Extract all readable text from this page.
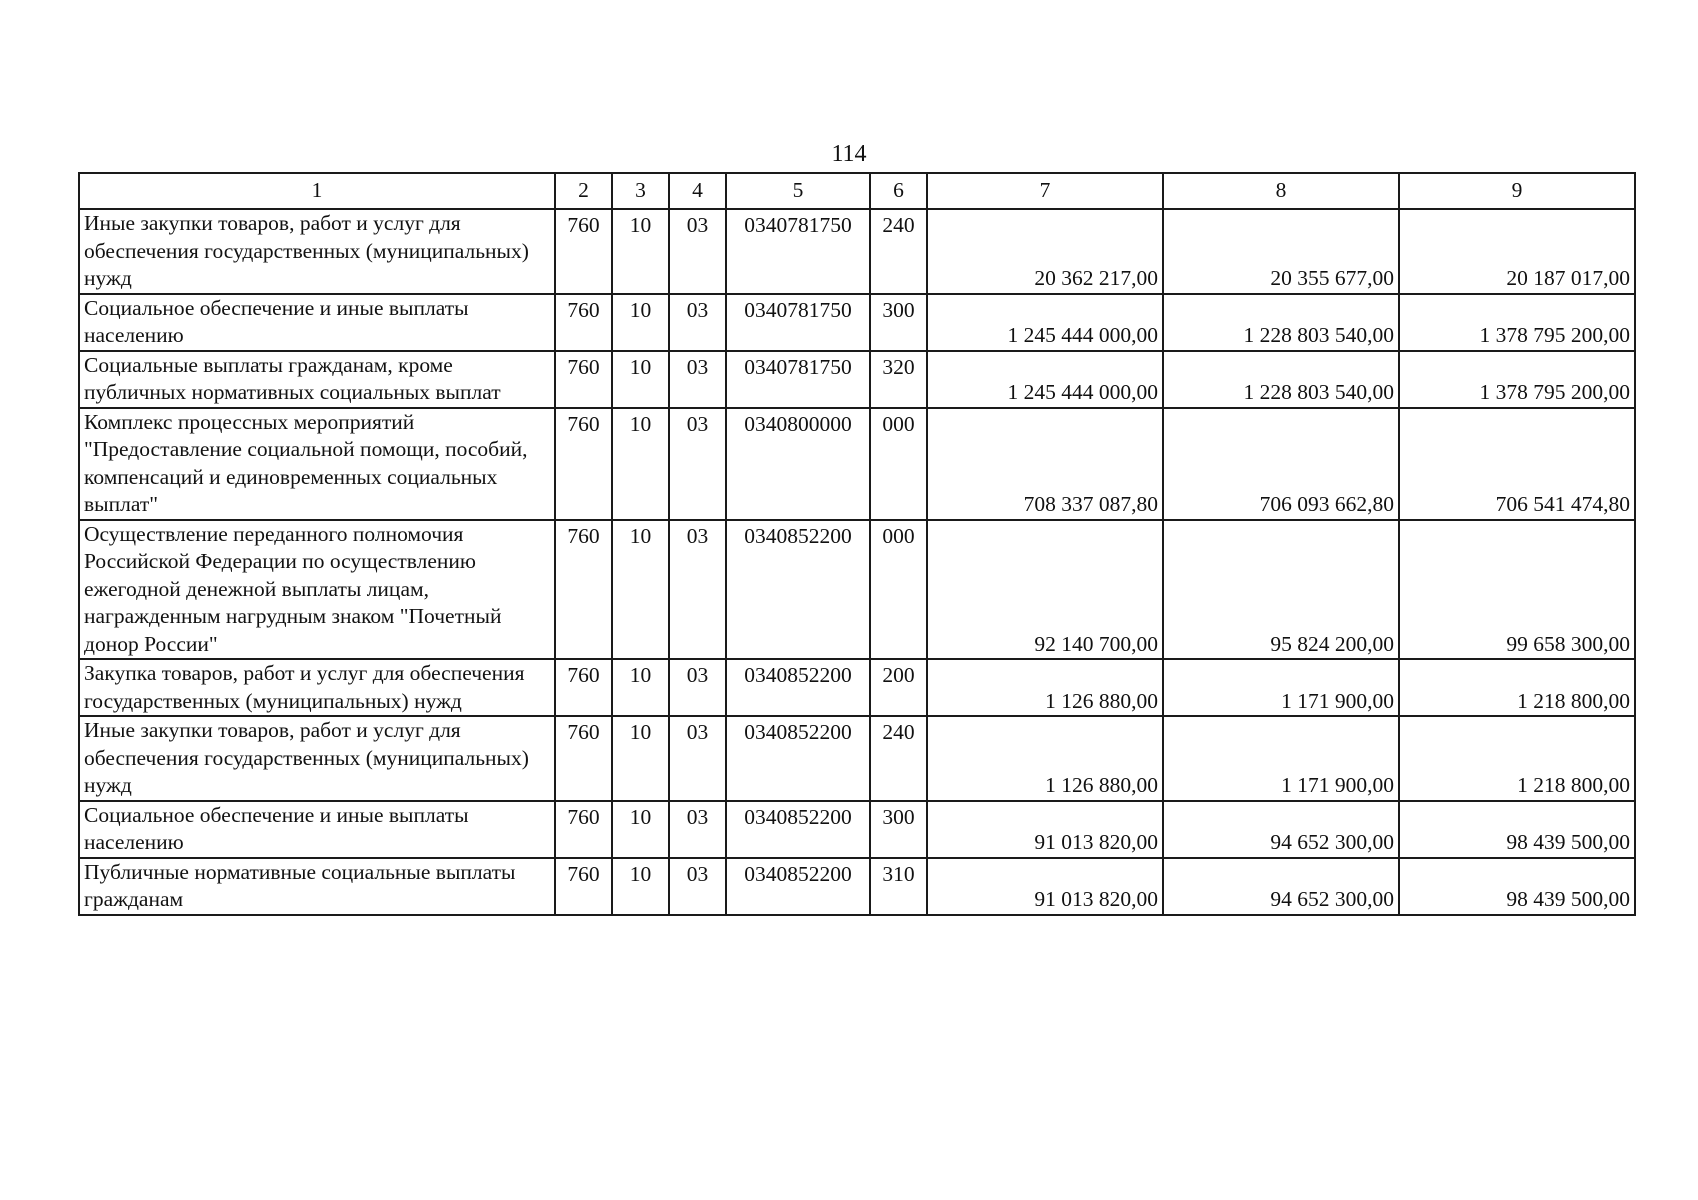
114
1	2	3	4	5	6	7	8	9
Иные закупки товаров, работ и услуг для обеспечения государственных (муниципальных) нужд	760	10	03	0340781750	240	20 362 217,00	20 355 677,00	20 187 017,00
Социальное обеспечение и иные выплаты населению	760	10	03	0340781750	300	1 245 444 000,00	1 228 803 540,00	1 378 795 200,00
Социальные выплаты гражданам, кроме публичных нормативных социальных выплат	760	10	03	0340781750	320	1 245 444 000,00	1 228 803 540,00	1 378 795 200,00
Комплекс процессных мероприятий "Предоставление социальной помощи, пособий, компенсаций и единовременных социальных выплат"	760	10	03	0340800000	000	708 337 087,80	706 093 662,80	706 541 474,80
Осуществление переданного полномочия Российской Федерации по осуществлению ежегодной денежной выплаты лицам, награжденным нагрудным знаком "Почетный донор России"	760	10	03	0340852200	000	92 140 700,00	95 824 200,00	99 658 300,00
Закупка товаров, работ и услуг для обеспечения государственных (муниципальных) нужд	760	10	03	0340852200	200	1 126 880,00	1 171 900,00	1 218 800,00
Иные закупки товаров, работ и услуг для обеспечения государственных (муниципальных) нужд	760	10	03	0340852200	240	1 126 880,00	1 171 900,00	1 218 800,00
Социальное обеспечение и иные выплаты населению	760	10	03	0340852200	300	91 013 820,00	94 652 300,00	98 439 500,00
Публичные нормативные социальные выплаты гражданам	760	10	03	0340852200	310	91 013 820,00	94 652 300,00	98 439 500,00
